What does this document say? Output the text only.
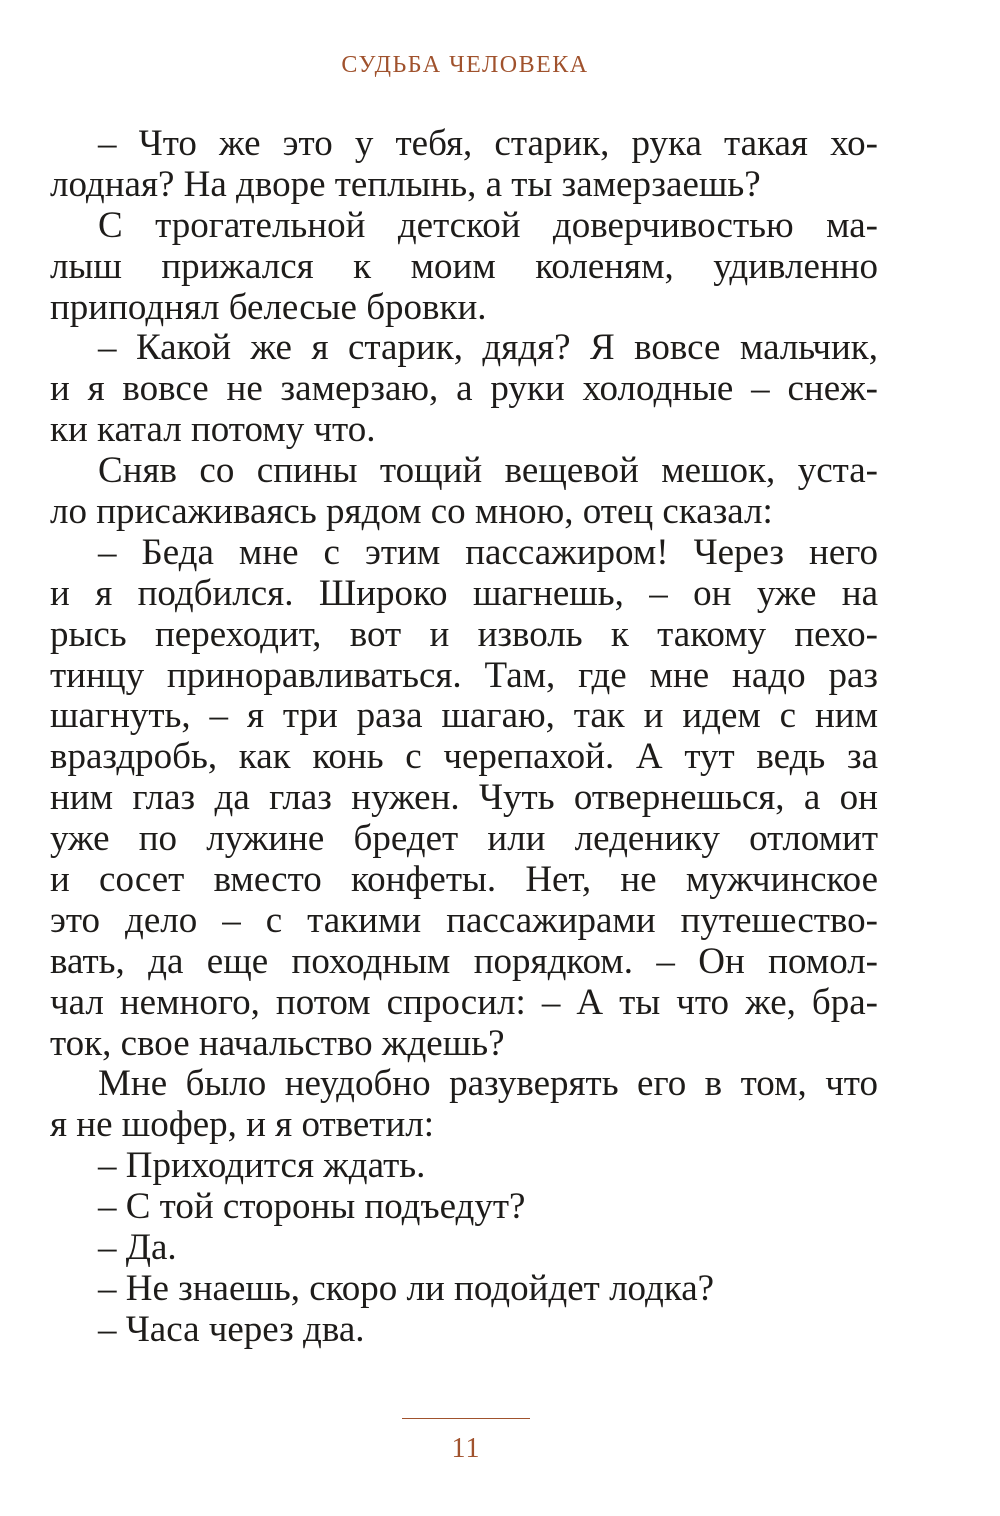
СУДЬБА ЧЕЛОВЕКА
– Что же это у тебя, старик, рука такая хо-
лодная? На дворе теплынь, а ты замерзаешь?
С трогательной детской доверчивостью ма-
лыш прижался к моим коленям, удивленно
приподнял белесые бровки.
– Какой же я старик, дядя? Я вовсе мальчик,
и я вовсе не замерзаю, а руки холодные – снеж-
ки катал потому что.
Сняв со спины тощий вещевой мешок, уста-
ло присаживаясь рядом со мною, отец сказал:
– Беда мне с этим пассажиром! Через него
и я подбился. Широко шагнешь, – он уже на
рысь переходит, вот и изволь к такому пехо-
тинцу приноравливаться. Там, где мне надо раз
шагнуть, – я три раза шагаю, так и идем с ним
враздробь, как конь с черепахой. А тут ведь за
ним глаз да глаз нужен. Чуть отвернешься, а он
уже по лужине бредет или леденику отломит
и сосет вместо конфеты. Нет, не мужчинское
это дело – с такими пассажирами путешество-
вать, да еще походным порядком. – Он помол-
чал немного, потом спросил: – А ты что же, бра-
ток, свое начальство ждешь?
Мне было неудобно разуверять его в том, что
я не шофер, и я ответил:
– Приходится ждать.
– С той стороны подъедут?
– Да.
– Не знаешь, скоро ли подойдет лодка?
– Часа через два.
11
